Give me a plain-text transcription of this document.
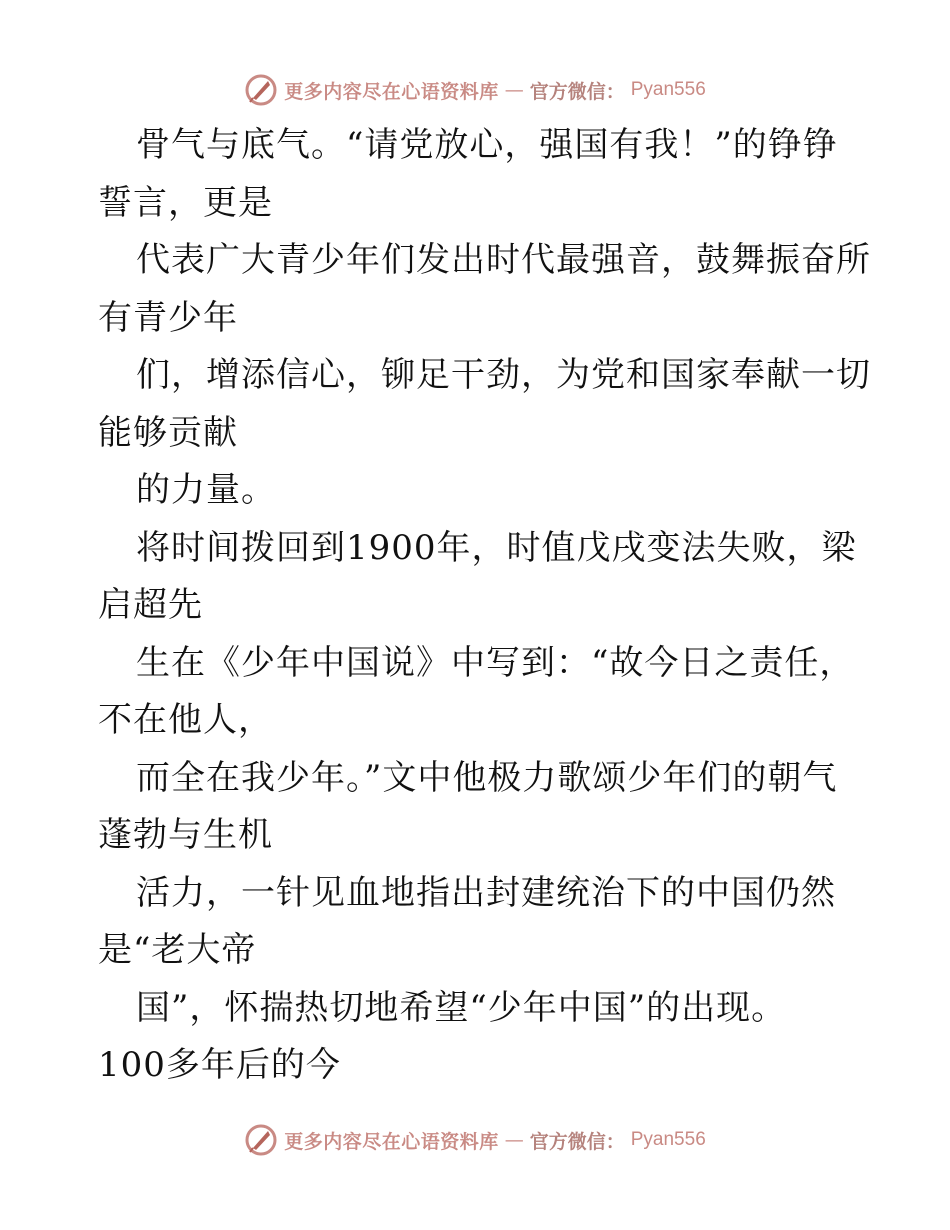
更多内容尽在心语资料库 — 官方微信： Pyan556
骨气与底气。“请党放心，强国有我！”的铮铮
誓言，更是
代表广大青少年们发出时代最强音，鼓舞振奋所
有青少年
们，增添信心，铆足干劲，为党和国家奉献一切
能够贡献
的力量。
将时间拨回到1900年，时值戊戌变法失败，梁
启超先
生在《少年中国说》中写到：“故今日之责任，
不在他人，
而全在我少年。”文中他极力歌颂少年们的朝气
蓬勃与生机
活力，一针见血地指出封建统治下的中国仍然
是“老大帝
国”，怀揣热切地希望“少年中国”的出现。
100多年后的今
更多内容尽在心语资料库 — 官方微信： Pyan556
